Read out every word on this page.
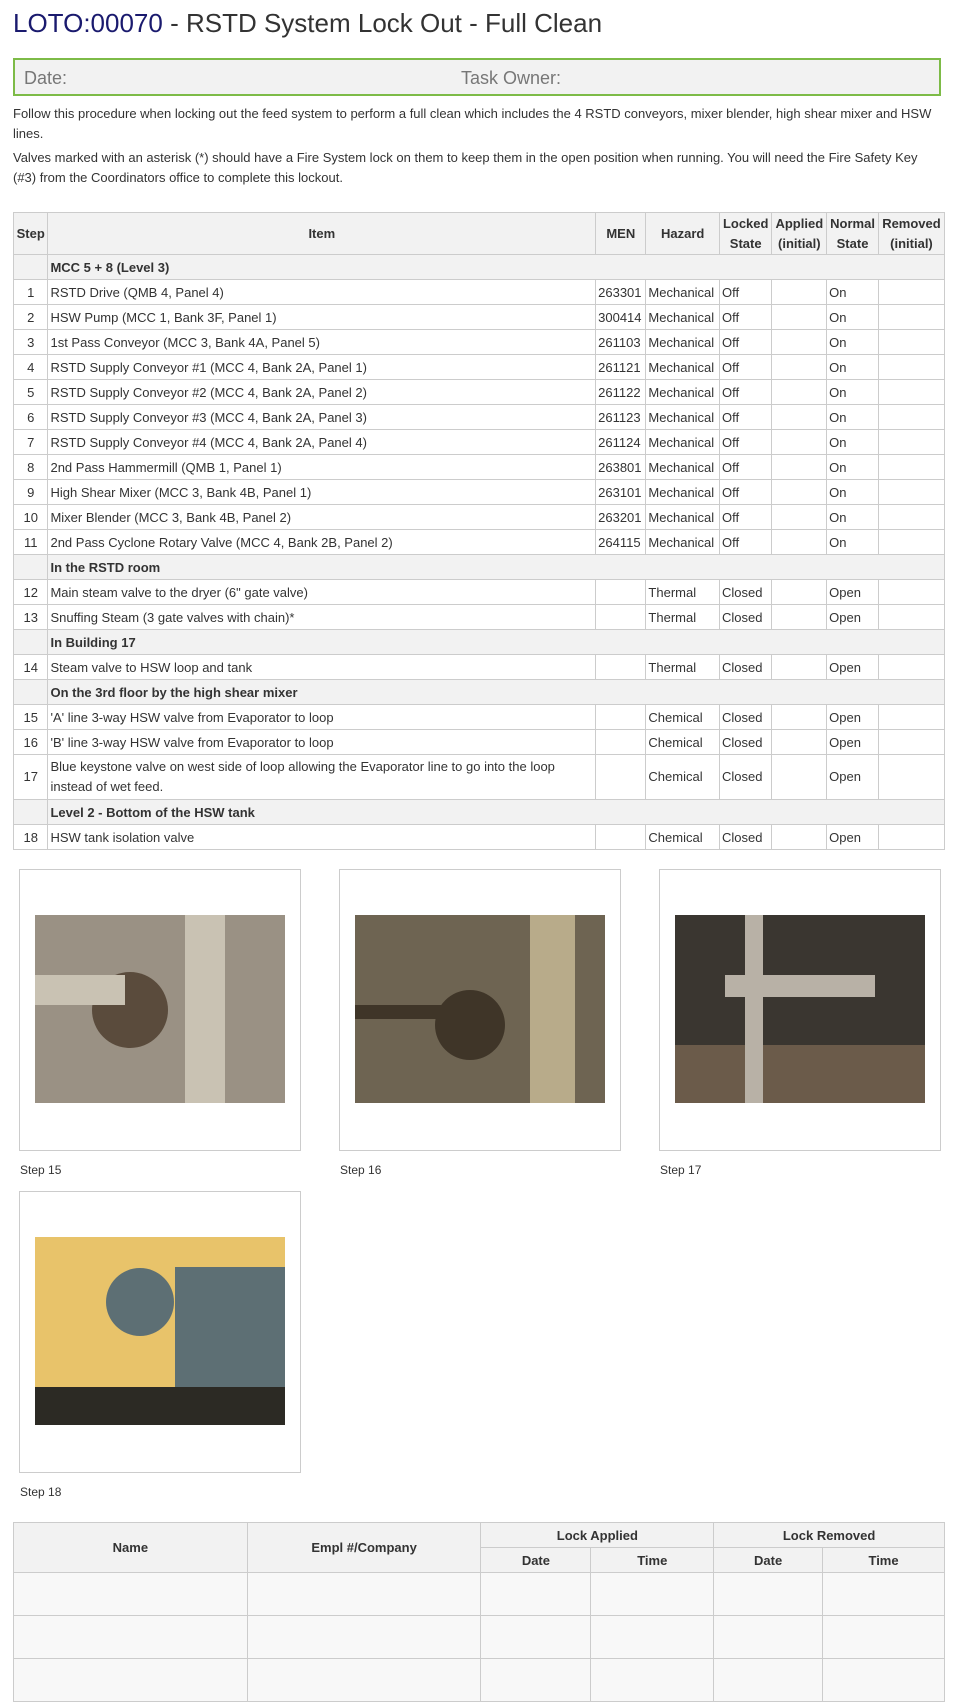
LOTO:00070 - RSTD System Lock Out - Full Clean
Date:	Task Owner:

Follow this procedure when locking out the feed system to perform a full clean which includes the 4 RSTD conveyors, mixer blender, high shear mixer and HSW lines.

Valves marked with an asterisk (*) should have a Fire System lock on them to keep them in the open position when running. You will need the Fire Safety Key (#3) from the Coordinators office to complete this lockout.

Step	Item	MEN	Hazard	Locked State	Applied (initial)	Normal State	Removed (initial)
	MCC 5 + 8 (Level 3)						
1	RSTD Drive (QMB 4, Panel 4)	263301	Mechanical	Off		On	
2	HSW Pump (MCC 1, Bank 3F, Panel 1)	300414	Mechanical	Off		On	
3	1st Pass Conveyor (MCC 3, Bank 4A, Panel 5)	261103	Mechanical	Off		On	
4	RSTD Supply Conveyor #1 (MCC 4, Bank 2A, Panel 1)	261121	Mechanical	Off		On	
5	RSTD Supply Conveyor #2 (MCC 4, Bank 2A, Panel 2)	261122	Mechanical	Off		On	
6	RSTD Supply Conveyor #3 (MCC 4, Bank 2A, Panel 3)	261123	Mechanical	Off		On	
7	RSTD Supply Conveyor #4 (MCC 4, Bank 2A, Panel 4)	261124	Mechanical	Off		On	
8	2nd Pass Hammermill (QMB 1, Panel 1)	263801	Mechanical	Off		On	
9	High Shear Mixer (MCC 3, Bank 4B, Panel 1)	263101	Mechanical	Off		On	
10	Mixer Blender (MCC 3, Bank 4B, Panel 2)	263201	Mechanical	Off		On	
11	2nd Pass Cyclone Rotary Valve (MCC 4, Bank 2B, Panel 2)	264115	Mechanical	Off		On	
	In the RSTD room						
12	Main steam valve to the dryer (6" gate valve)		Thermal	Closed		Open	
13	Snuffing Steam (3 gate valves with chain)*		Thermal	Closed		Open	
	In Building 17						
14	Steam valve to HSW loop and tank		Thermal	Closed		Open	
	On the 3rd floor by the high shear mixer						
15	'A' line 3-way HSW valve from Evaporator to loop		Chemical	Closed		Open	
16	'B' line 3-way HSW valve from Evaporator to loop		Chemical	Closed		Open	
17	Blue keystone valve on west side of loop allowing the Evaporator line to go into the loop instead of wet feed.		Chemical	Closed		Open	
	Level 2 - Bottom of the HSW tank						
18	HSW tank isolation valve		Chemical	Closed		Open	
Step 15	Step 16	Step 17
Step 18
Name	Empl #/Company	Lock Applied		Lock Removed	
		Date	Time	Date	Time
